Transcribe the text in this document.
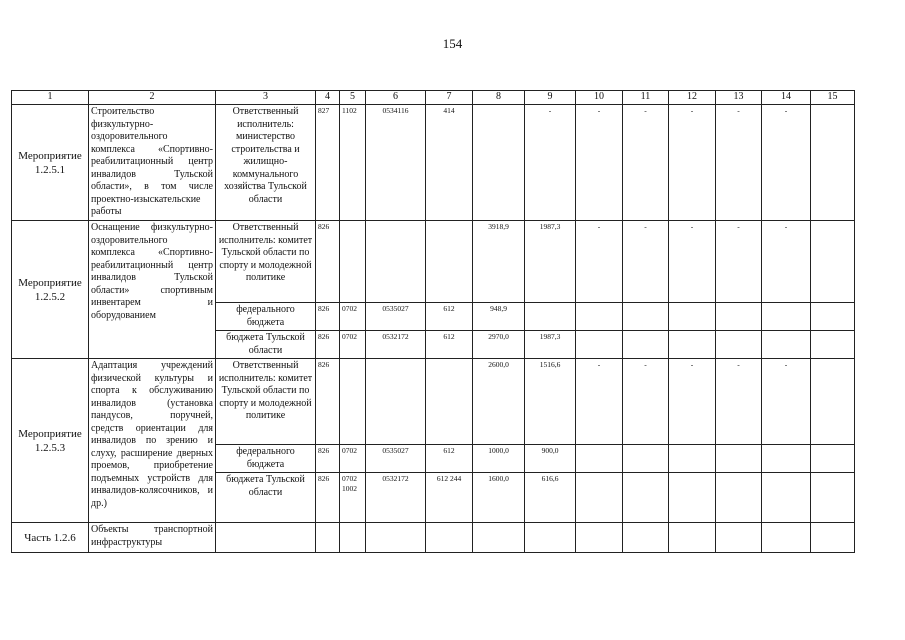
154
1	2	3	4	5	6	7	8	9	10	11	12	13	14	15
Мероприятие 1.2.5.1	Строительство физкультурно-оздоровительного комплекса «Спортивно-реабилитационный центр инвалидов Тульской области», в том числе проектно-изыскательские работы	Ответственный исполнитель: министерство строительства и жилищно-коммунального хозяйства Тульской области	827	1102	0534116	414		-	-	-	-	-	-	
Мероприятие 1.2.5.2	Оснащение физкультурно-оздоровительного комплекса «Спортивно-реабилитационный центр инвалидов Тульской области» спортивным инвентарем и оборудованием	Ответственный исполнитель: комитет Тульской области по спорту и молодежной политике	826				3918,9	1987,3	-	-	-	-	-	
		федерального бюджета	826	0702	0535027	612	948,9							
		бюджета Тульской области	826	0702	0532172	612	2970,0	1987,3						
Мероприятие 1.2.5.3	Адаптация учреждений физической культуры и спорта к обслуживанию инвалидов (установка пандусов, поручней, средств ориентации для инвалидов по зрению и слуху, расширение дверных проемов, приобретение подъемных устройств для инвалидов-колясочников, и др.)	Ответственный исполнитель: комитет Тульской области по спорту и молодежной политике	826				2600,0	1516,6	-	-	-	-	-	
		федерального бюджета	826	0702	0535027	612	1000,0	900,0						
		бюджета Тульской области	826	0702 1002	0532172	612 244	1600,0	616,6						
Часть 1.2.6	Объекты транспортной инфраструктуры													
